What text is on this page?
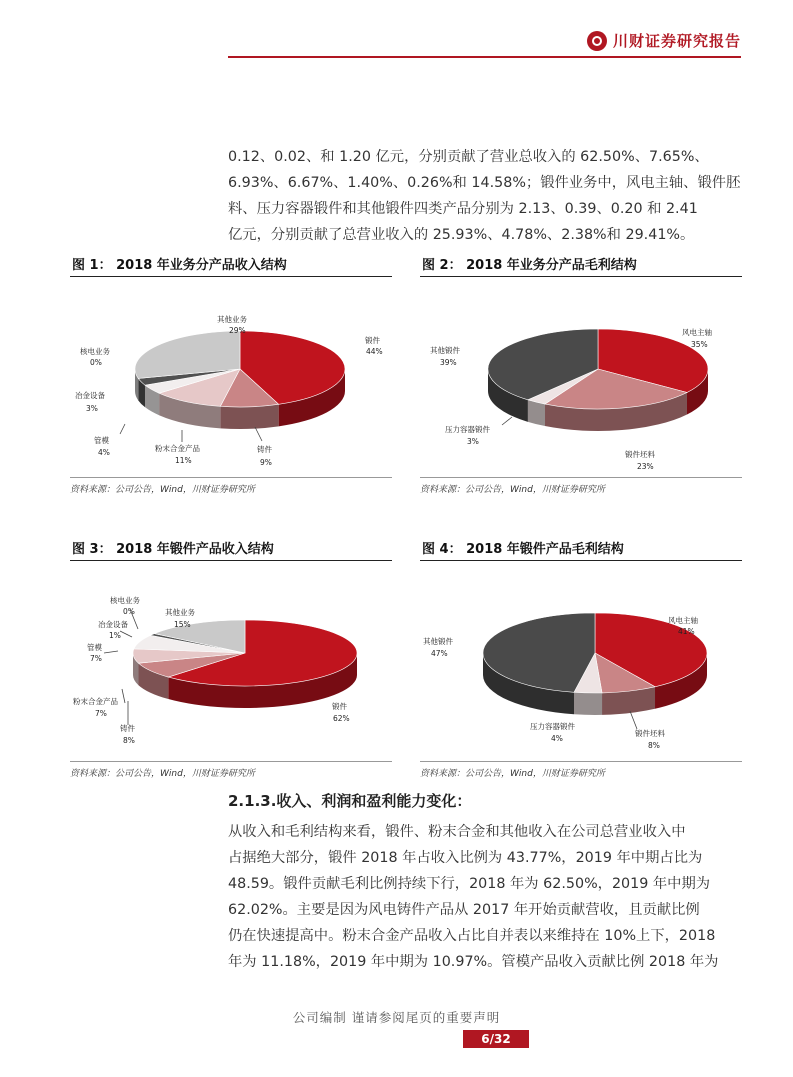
川财证券研究报告

0.12、0.02、和 1.20 亿元，分别贡献了营业总收入的 62.50%、7.65%、

6.93%、6.67%、1.40%、0.26%和 14.58%；锻件业务中，风电主轴、锻件胚

料、压力容器锻件和其他锻件四类产品分别为 2.13、0.39、0.20 和 2.41

亿元，分别贡献了总营业收入的 25.93%、4.78%、2.38%和 29.41%。

图 1： 2018 年业务分产品收入结构
其他业务
29%
锻件
44%
核电业务
0%
冶金设备
3%
管模
4%	粉末合金产品
11%
铸件
9%
资料来源：公司公告，Wind，川财证券研究所
图 2： 2018 年业务分产品毛利结构
风电主轴
35%
其他锻件
39%
压力容器锻件
3%
锻件坯料
23%
资料来源：公司公告，Wind，川财证券研究所
图 3： 2018 年锻件产品收入结构
核电业务
0%	其他业务
15%
冶金设备
1%
管模
7%
粉末合金产品
7%
铸件
8%
锻件
62%
资料来源：公司公告，Wind，川财证券研究所
图 4： 2018 年锻件产品毛利结构
风电主轴
41%
其他锻件
47%
压力容器锻件
4%
锻件坯料
8%
资料来源：公司公告，Wind，川财证券研究所
2.1.3.收入、利润和盈利能力变化：

从收入和毛利结构来看，锻件、粉末合金和其他收入在公司总营业收入中

占据绝大部分，锻件 2018 年占收入比例为 43.77%，2019 年中期占比为

48.59。锻件贡献毛利比例持续下行，2018 年为 62.50%，2019 年中期为

62.02%。主要是因为风电铸件产品从 2017 年开始贡献营收，且贡献比例

仍在快速提高中。粉末合金产品收入占比自并表以来维持在 10%上下，2018

年为 11.18%，2019 年中期为 10.97%。管模产品收入贡献比例 2018 年为

公司编制 谨请参阅尾页的重要声明
6/32
